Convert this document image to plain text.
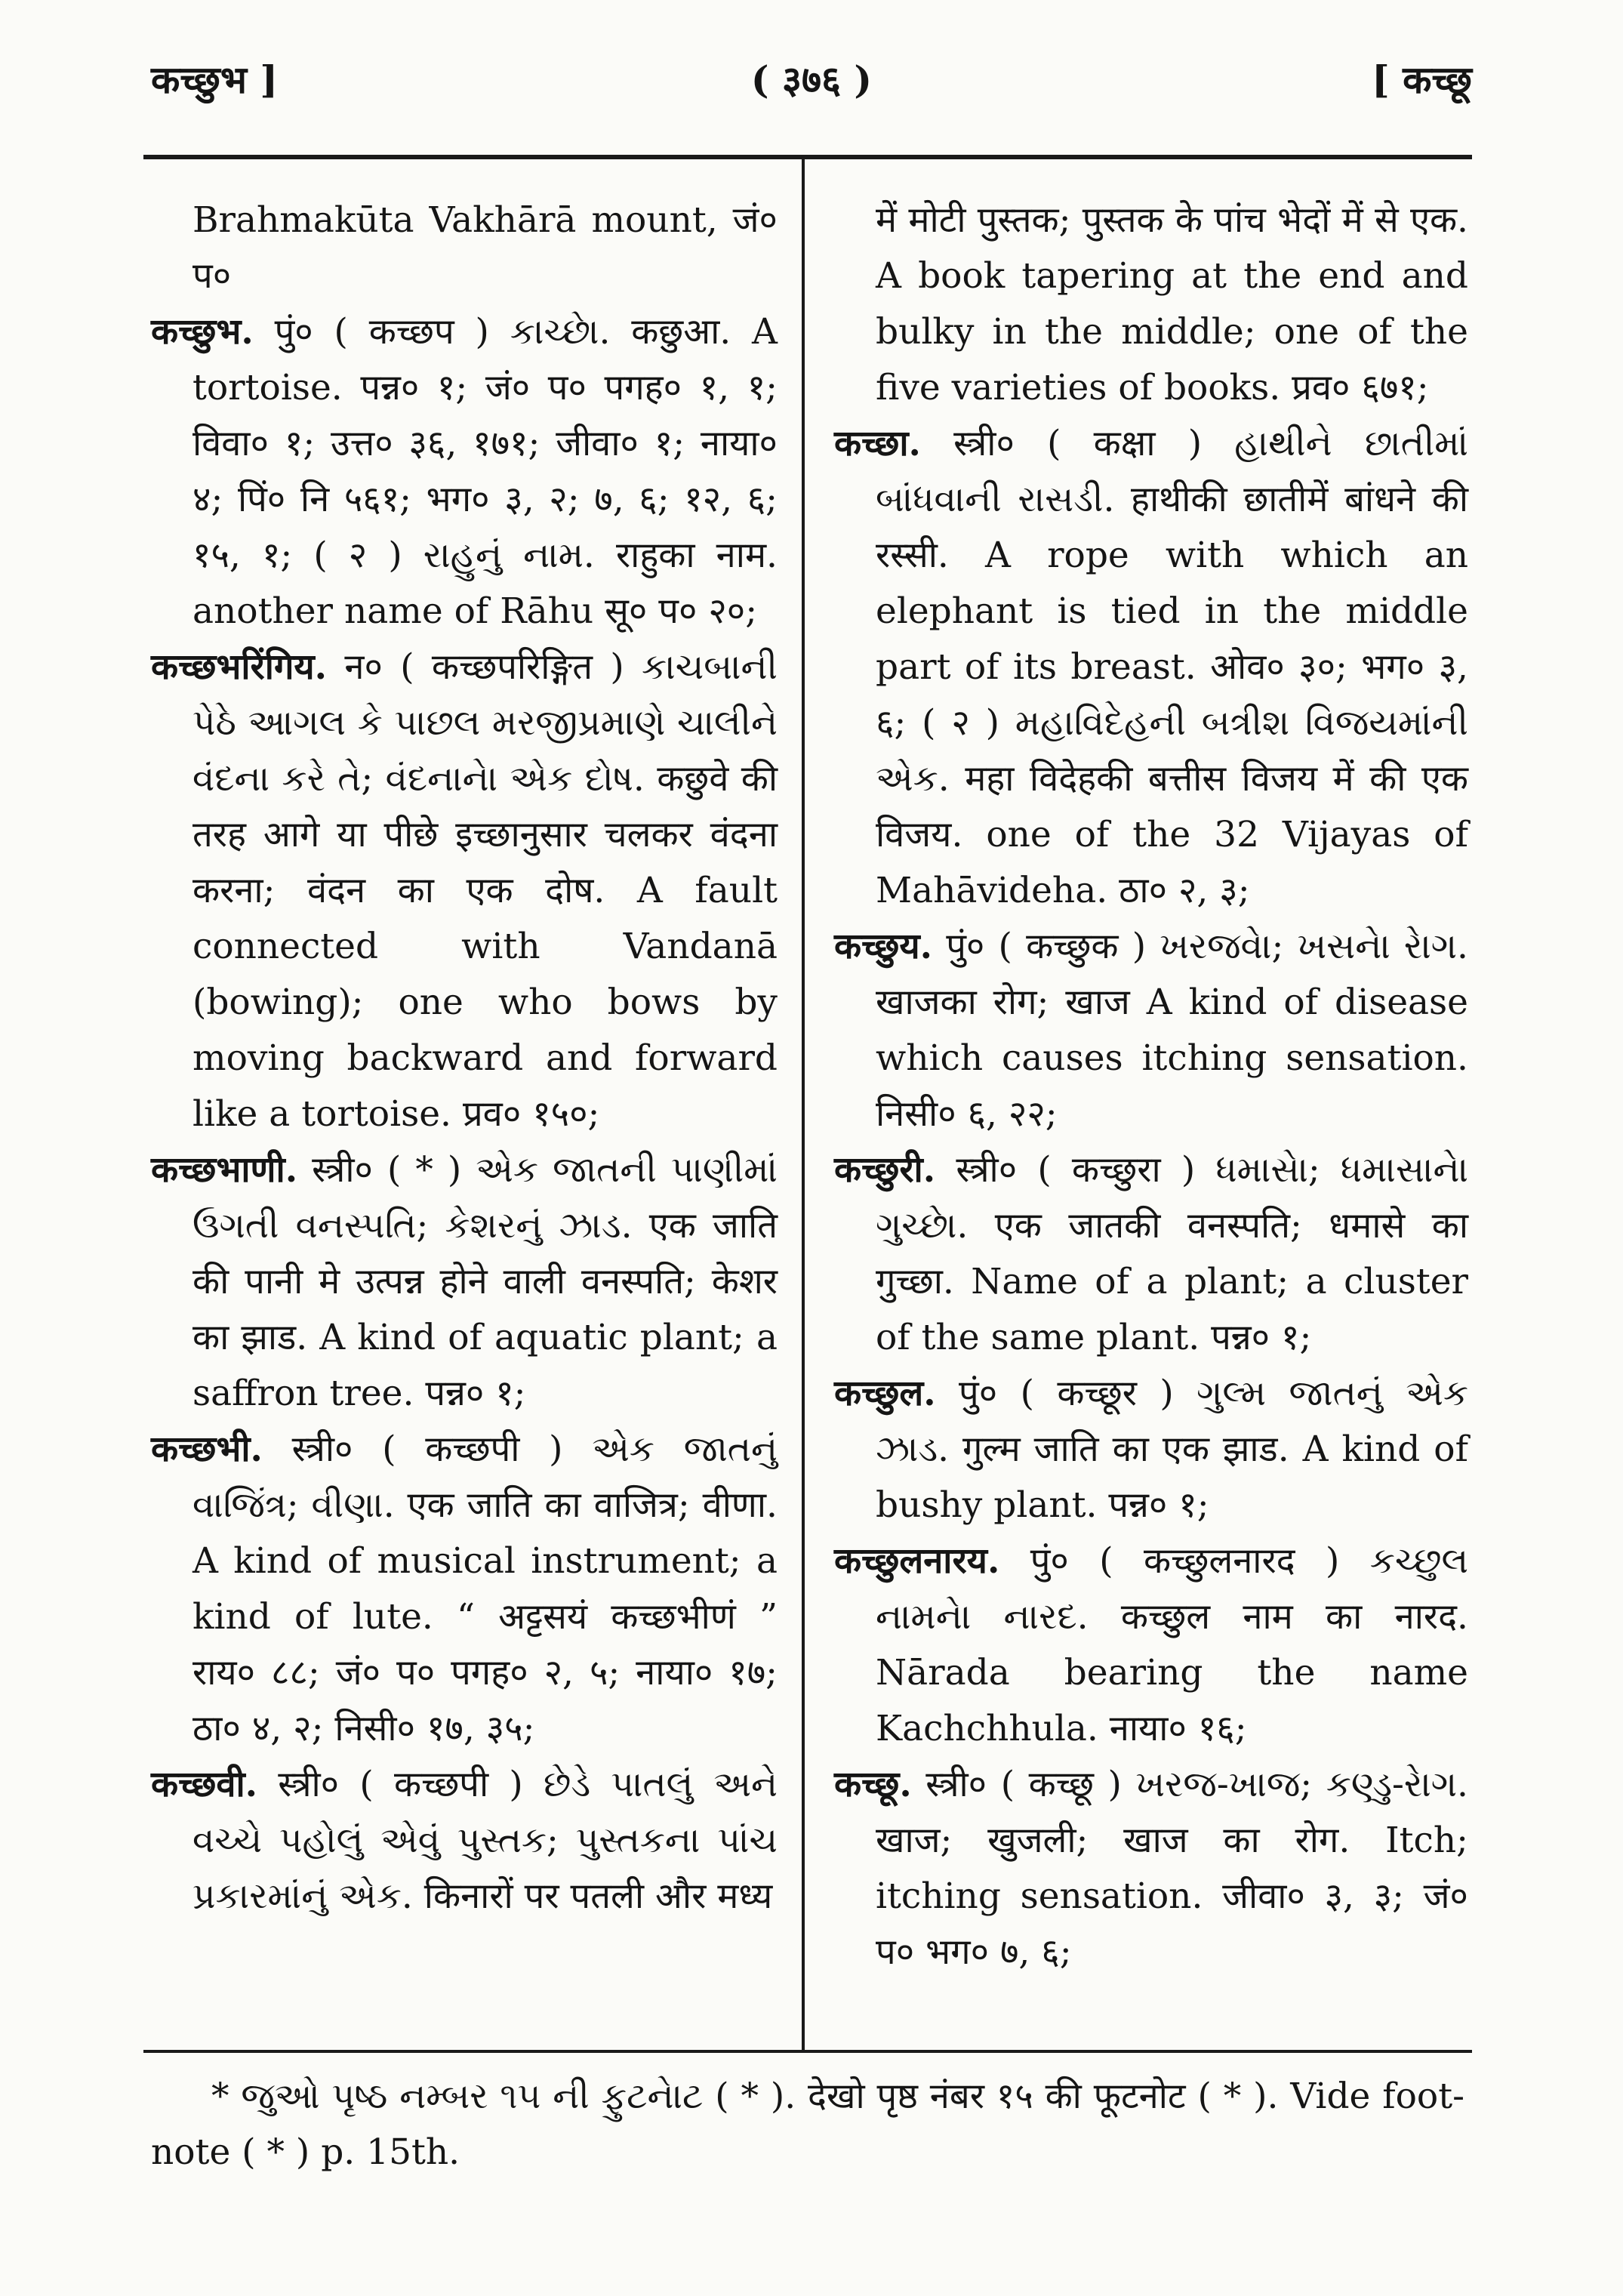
कच्छुभ ]	( ३७६ )	[ कच्छू

Brahmakūta Vakhārā mount, जं० प०

कच्छुभ. पुं० ( कच्छप ) કાચ્છેા. कछुआ. A tortoise. पन्न० १; जं० प० पगह० १, १; विवा० १; उत्त० ३६, १७१; जीवा० १; नाया० ४; पिं० नि ५६१; भग० ३, २; ७, ६; १२, ६; १५, १; ( २ ) રાહુનું નામ. राहुका नाम. another name of Rāhu सू० प० २०;

कच्छभरिंगिय. न० ( कच्छपरिङ्गित ) કાચબાની પેઠે આગલ કે પાછલ મરજીપ્રમાણે ચાલીને વંદના કરે તે; વંદનાનેા એક દોષ. कछुवे की तरह आगे या पीछे इच्छानुसार चलकर वंदना करना; वंदन का एक दोष. A fault connected with Vandanā (bowing); one who bows by moving backward and forward like a tortoise. प्रव० १५०;

कच्छभाणी. स्त्री० ( * ) એક જાતની પાણીમાં ઉગતી વનસ્પતિ; કેશરનું ઝાડ. एक जाति की पानी मे उत्पन्न होने वाली वनस्पति; केशर का झाड. A kind of aquatic plant; a saffron tree. पन्न० १;

कच्छभी. स्त्री० ( कच्छपी ) એક જાતનું વાજિંત્ર; વીણા. एक जाति का वाजित्र; वीणा. A kind of musical instrument; a kind of lute. “ अट्टसयं कच्छभीणं ” राय० ८८; जं० प० पगह० २, ५; नाया० १७; ठा० ४, २; निसी० १७, ३५;

कच्छवी. स्त्री० ( कच्छपी ) છેડે પાતલું અને વચ્ચે પહોલું એવું પુસ્તક; પુસ્તકના પાંચ પ્રકારમાંનું એક. किनारों पर पतली और मध्य

में मोटी पुस्तक; पुस्तक के पांच भेदों में से एक. A book tapering at the end and bulky in the middle; one of the five varieties of books. प्रव० ६७१;

कच्छा. स्त्री० ( कक्षा ) હાથીને છાતીમાં બાંધવાની રાસડી. हाथीकी छातीमें बांधने की रस्सी. A rope with which an elephant is tied in the middle part of its breast. ओव० ३०; भग० ३, ६; ( २ ) મહાવિદેહની બત્રીશ વિજયમાંની એક. महा विदेहकी बत्तीस विजय में की एक विजय. one of the 32 Vijayas of Mahāvideha. ठा० २, ३;

कच्छुय. पुं० ( कच्छुक ) ખરજવેા; ખસનેા રેાગ. खाजका रोग; खाज A kind of disease which causes itching sensation. निसी० ६, २२;

कच्छुरी. स्त्री० ( कच्छुरा ) ધમાસેા; ધમાસાનેા ગુચ્છેા. एक जातकी वनस्पति; धमासे का गुच्छा. Name of a plant; a cluster of the same plant. पन्न० १;

कच्छुल. पुं० ( कच्छूर ) ગુલ્મ જાતનું એક ઝાડ. गुल्म जाति का एक झाड. A kind of bushy plant. पन्न० १;

कच्छुलनारय. पुं० ( कच्छुलनारद ) કચ્છુલ નામનેા નારદ. कच्छुल नाम का नारद. Nārada bearing the name Kachchhula. नाया० १६;

कच्छू. स्त्री० ( कच्छू ) ખરજ-ખાજ; કણ્ડુ-રેાગ. खाज; खुजली; खाज का रोग. Itch; itching sensation. जीवा० ३, ३; जं० प० भग० ७, ६;

* જુઓ પૃષ્ઠ નમ્બર ૧૫ ની ફુટનેાટ ( * ). देखो पृष्ठ नंबर १५ की फूटनोट ( * ). Vide foot-note ( * ) p. 15th.
